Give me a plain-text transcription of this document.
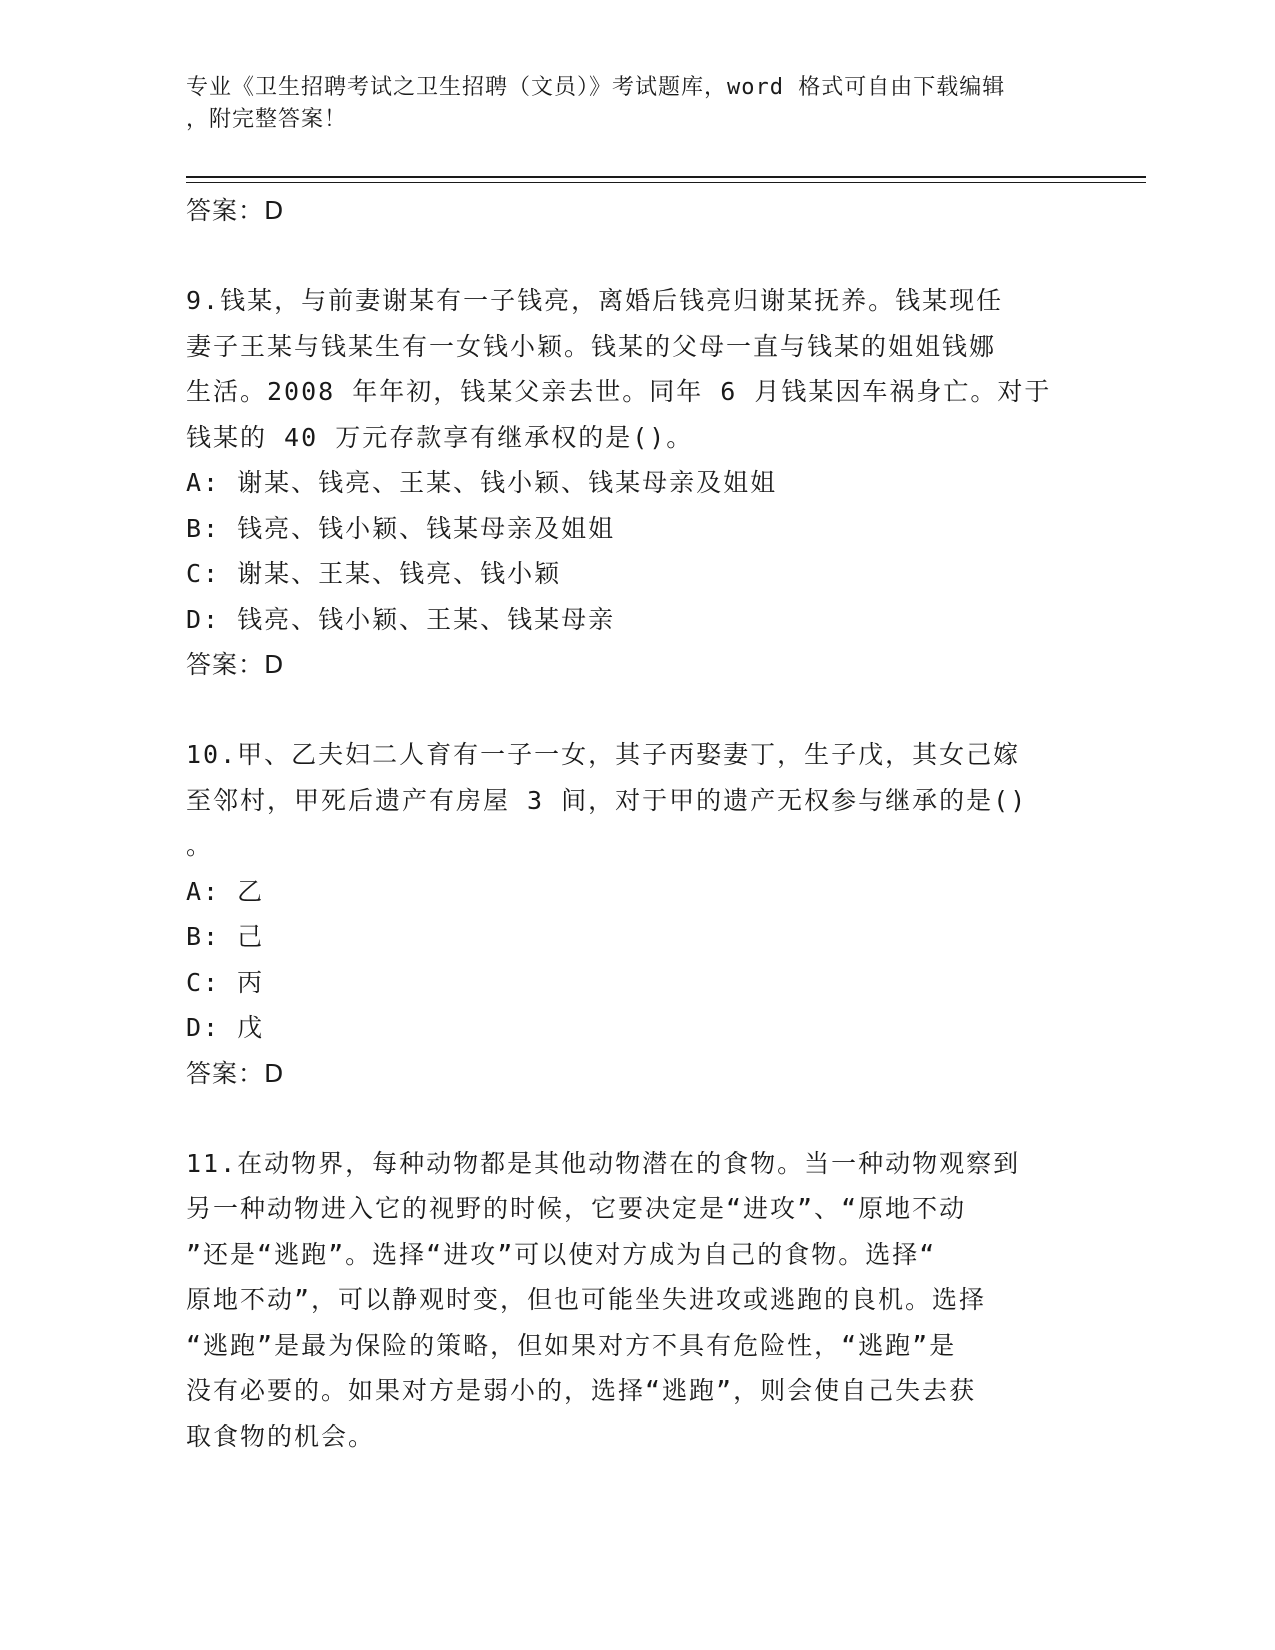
专业《卫生招聘考试之卫生招聘（文员）》考试题库，word 格式可自由下载编辑

，附完整答案！

答案：D

9.钱某，与前妻谢某有一子钱亮，离婚后钱亮归谢某抚养。钱某现任
妻子王某与钱某生有一女钱小颖。钱某的父母一直与钱某的姐姐钱娜
生活。2008 年年初，钱某父亲去世。同年 6 月钱某因车祸身亡。对于
钱某的 40 万元存款享有继承权的是()。

A: 谢某、钱亮、王某、钱小颖、钱某母亲及姐姐
B: 钱亮、钱小颖、钱某母亲及姐姐
C: 谢某、王某、钱亮、钱小颖
D: 钱亮、钱小颖、王某、钱某母亲
答案：D

10.甲、乙夫妇二人育有一子一女，其子丙娶妻丁，生子戊，其女己嫁
至邻村，甲死后遗产有房屋 3 间，对于甲的遗产无权参与继承的是()
。

A: 乙
B: 己
C: 丙
D: 戊
答案：D

11.在动物界，每种动物都是其他动物潜在的食物。当一种动物观察到
另一种动物进入它的视野的时候，它要决定是“进攻”、“原地不动
”还是“逃跑”。选择“进攻”可以使对方成为自己的食物。选择“
原地不动”，可以静观时变，但也可能坐失进攻或逃跑的良机。选择
“逃跑”是最为保险的策略，但如果对方不具有危险性，“逃跑”是
没有必要的。如果对方是弱小的，选择“逃跑”，则会使自己失去获
取食物的机会。
